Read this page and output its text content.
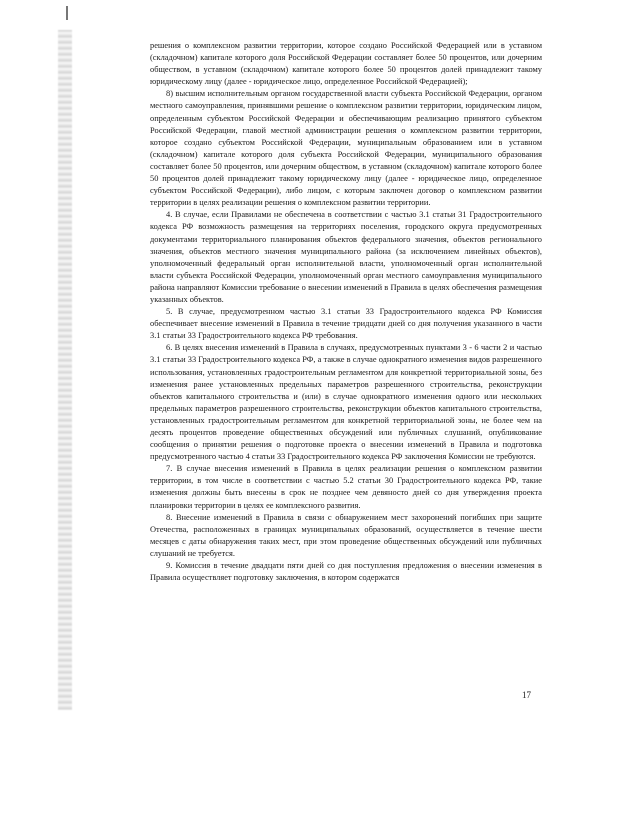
решения о комплексном развитии территории, которое создано Российской Федерацией или в уставном (складочном) капитале которого доля Российской Федерации составляет более 50 процентов, или дочерним обществом, в уставном (складочном) капитале которого более 50 процентов долей принадлежит такому юридическому лицу (далее - юридическое лицо, определенное Российской Федерацией);

8) высшим исполнительным органом государственной власти субъекта Российской Федерации, органом местного самоуправления, принявшими решение о комплексном развитии территории, юридическим лицом, определенным субъектом Российской Федерации и обеспечивающим реализацию принятого субъектом Российской Федерации, главой местной администрации решения о комплексном развитии территории, которое создано субъектом Российской Федерации, муниципальным образованием или в уставном (складочном) капитале которого доля субъекта Российской Федерации, муниципального образования составляет более 50 процентов, или дочерним обществом, в уставном (складочном) капитале которого более 50 процентов долей принадлежит такому юридическому лицу (далее - юридическое лицо, определенное субъектом Российской Федерации), либо лицом, с которым заключен договор о комплексном развитии территории в целях реализации решения о комплексном развитии территории.

4. В случае, если Правилами не обеспечена в соответствии с частью 3.1 статьи 31 Градостроительного кодекса РФ возможность размещения на территориях поселения, городского округа предусмотренных документами территориального планирования объектов федерального значения, объектов регионального значения, объектов местного значения муниципального района (за исключением линейных объектов), уполномоченный федеральный орган исполнительной власти, уполномоченный орган исполнительной власти субъекта Российской Федерации, уполномоченный орган местного самоуправления муниципального района направляют Комиссии требование о внесении изменений в Правила в целях обеспечения размещения указанных объектов.

5. В случае, предусмотренном частью 3.1 статьи 33 Градостроительного кодекса РФ Комиссия обеспечивает внесение изменений в Правила в течение тридцати дней со дня получения указанного в части 3.1 статьи 33 Градостроительного кодекса РФ требования.

6. В целях внесения изменений в Правила в случаях, предусмотренных пунктами 3 - 6 части 2 и частью 3.1 статьи 33 Градостроительного кодекса РФ, а также в случае однократного изменения видов разрешенного использования, установленных градостроительным регламентом для конкретной территориальной зоны, без изменения ранее установленных предельных параметров разрешенного строительства, реконструкции объектов капитального строительства и (или) в случае однократного изменения одного или нескольких предельных параметров разрешенного строительства, реконструкции объектов капитального строительства, установленных градостроительным регламентом для конкретной территориальной зоны, не более чем на десять процентов проведение общественных обсуждений или публичных слушаний, опубликование сообщения о принятии решения о подготовке проекта о внесении изменений в Правила и подготовка предусмотренного частью 4 статьи 33 Градостроительного кодекса РФ заключения Комиссии не требуются.

7. В случае внесения изменений в Правила в целях реализации решения о комплексном развитии территории, в том числе в соответствии с частью 5.2 статьи 30 Градостроительного кодекса РФ, такие изменения должны быть внесены в срок не позднее чем девяносто дней со дня утверждения проекта планировки территории в целях ее комплексного развития.

8. Внесение изменений в Правила в связи с обнаружением мест захоронений погибших при защите Отечества, расположенных в границах муниципальных образований, осуществляется в течение шести месяцев с даты обнаружения таких мест, при этом проведение общественных обсуждений или публичных слушаний не требуется.

9. Комиссия в течение двадцати пяти дней со дня поступления предложения о внесении изменения в Правила осуществляет подготовку заключения, в котором содержатся

17
